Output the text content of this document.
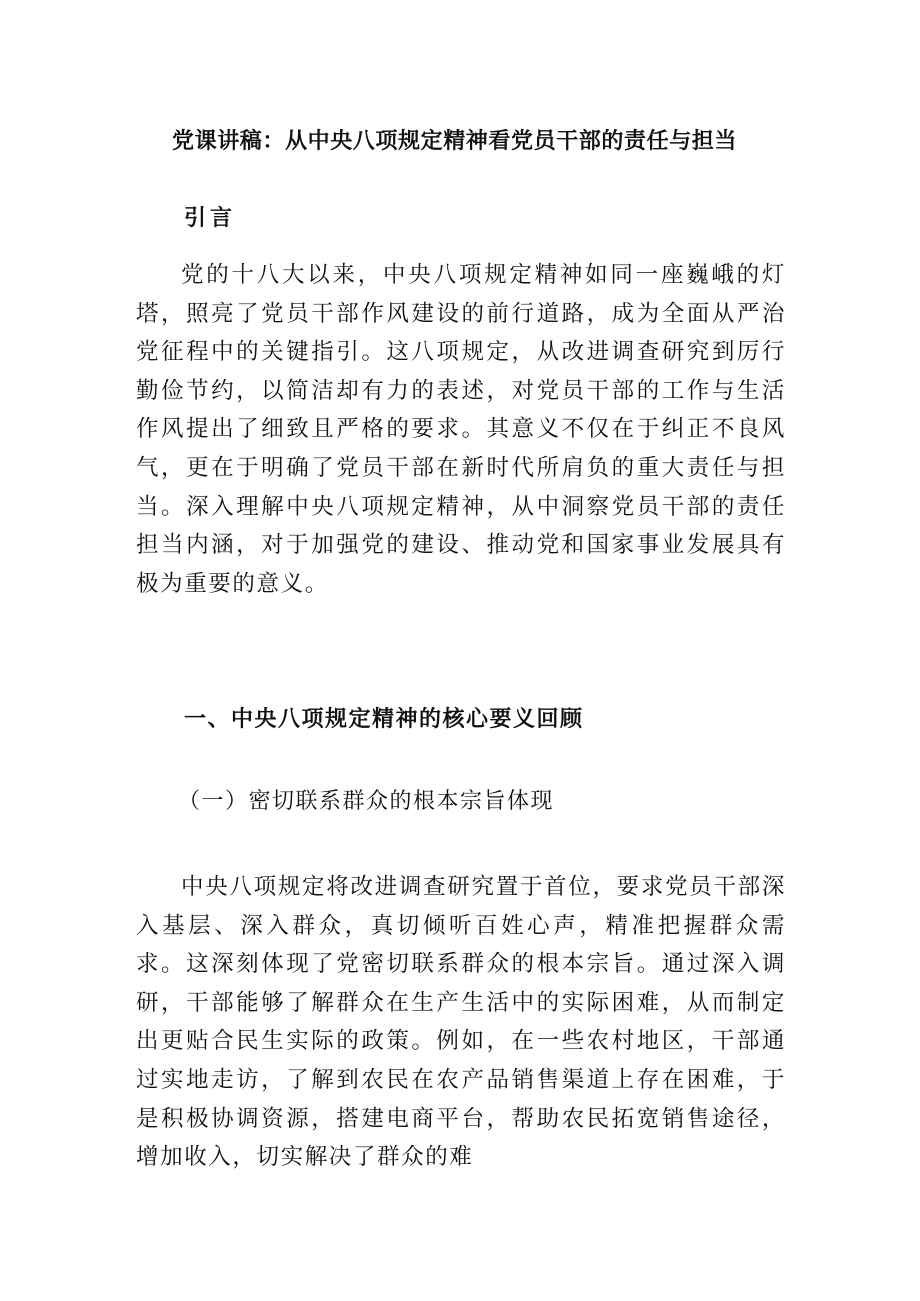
党课讲稿：从中央八项规定精神看党员干部的责任与担当
引言

党的十八大以来，中央八项规定精神如同一座巍峨的灯塔，照亮了党员干部作风建设的前行道路，成为全面从严治党征程中的关键指引。这八项规定，从改进调查研究到厉行勤俭节约，以简洁却有力的表述，对党员干部的工作与生活作风提出了细致且严格的要求。其意义不仅在于纠正不良风气，更在于明确了党员干部在新时代所肩负的重大责任与担当。深入理解中央八项规定精神，从中洞察党员干部的责任担当内涵，对于加强党的建设、推动党和国家事业发展具有极为重要的意义。

一、中央八项规定精神的核心要义回顾
（一）密切联系群众的根本宗旨体现

中央八项规定将改进调查研究置于首位，要求党员干部深入基层、深入群众，真切倾听百姓心声，精准把握群众需求。这深刻体现了党密切联系群众的根本宗旨。通过深入调研，干部能够了解群众在生产生活中的实际困难，从而制定出更贴合民生实际的政策。例如，在一些农村地区，干部通过实地走访，了解到农民在农产品销售渠道上存在困难，于是积极协调资源，搭建电商平台，帮助农民拓宽销售途径，增加收入，切实解决了群众的难
